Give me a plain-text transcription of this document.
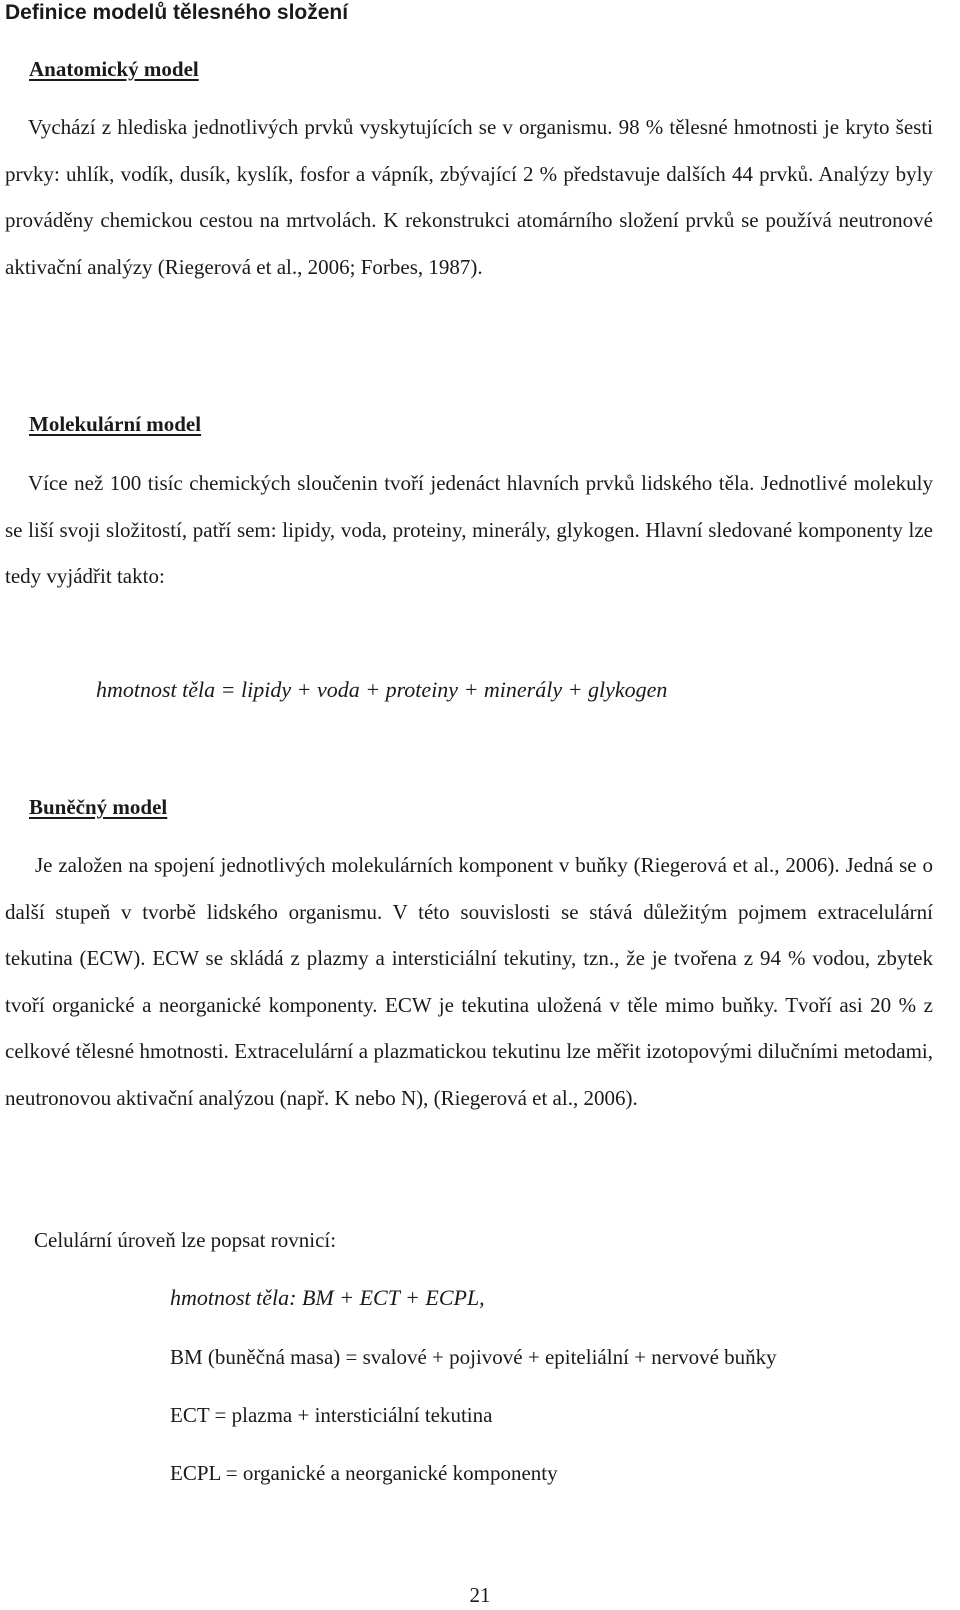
Definice modelů tělesného složení
Anatomický model

Vychází z hlediska jednotlivých prvků vyskytujících se v organismu. 98 % tělesné hmotnosti je kryto šesti prvky: uhlík, vodík, dusík, kyslík, fosfor a vápník, zbývající 2 % představuje dalších 44 prvků. Analýzy byly prováděny chemickou cestou na mrtvolách. K rekonstrukci atomárního složení prvků se používá neutronové aktivační analýzy (Riegerová et al., 2006; Forbes, 1987).

Molekulární model

Více než 100 tisíc chemických sloučenin tvoří jedenáct hlavních prvků lidského těla. Jednotlivé molekuly se liší svoji složitostí, patří sem: lipidy, voda, proteiny, minerály, glykogen. Hlavní sledované komponenty lze tedy vyjádřit takto:

hmotnost těla = lipidy + voda + proteiny + minerály + glykogen

Buněčný model

Je založen na spojení jednotlivých molekulárních komponent v buňky (Riegerová et al., 2006). Jedná se o další stupeň v tvorbě lidského organismu. V této souvislosti se stává důležitým pojmem extracelulární tekutina (ECW). ECW se skládá z plazmy a intersticiální tekutiny, tzn., že je tvořena z 94 % vodou, zbytek tvoří organické a neorganické komponenty. ECW je tekutina uložená v těle mimo buňky. Tvoří asi 20 % z celkové tělesné hmotnosti. Extracelulární a plazmatickou tekutinu lze měřit izotopovými dilučními metodami, neutronovou aktivační analýzou (např. K nebo N), (Riegerová et al., 2006).

Celulární úroveň lze popsat rovnicí:

hmotnost těla: BM + ECT + ECPL,

BM (buněčná masa) = svalové + pojivové + epiteliální + nervové buňky

ECT = plazma + intersticiální tekutina

ECPL = organické a neorganické komponenty

21
